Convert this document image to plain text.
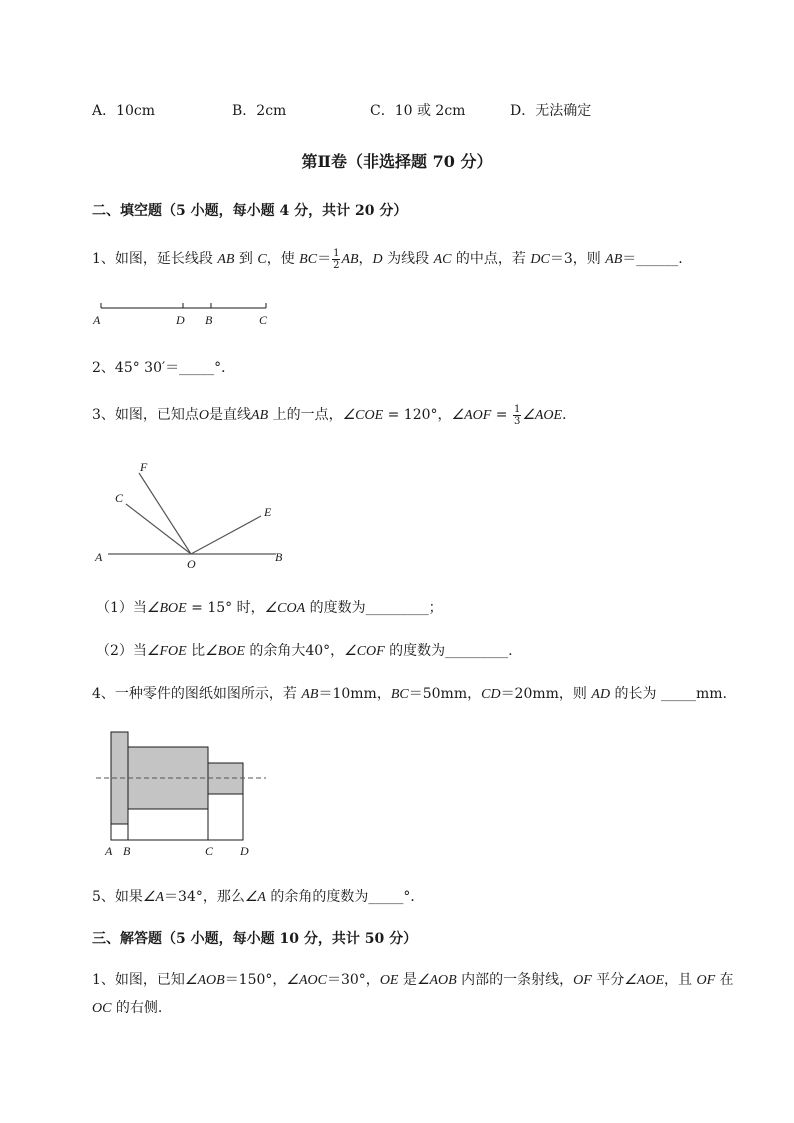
A．10cm	B．2cm	C．10 或 2cm	D．无法确定
第Ⅱ卷（非选择题 70 分）
二、填空题（5 小题，每小题 4 分，共计 20 分）
1、如图，延长线段 AB 到 C，使 $BC= \frac{1}{2}$ AB，D 为线段 AC 的中点，若 DC＝3，则 AB＝______.
A	D B	C
2、45° 30′＝_____°．
3、如图，已知点O是直线AB 上的一点，∠COE = 120°，∠AOF = $\frac{1}{3}$ ∠AOE．
A	B
O
C
F
E
（1）当∠BOE = 15° 时，∠COA 的度数为_________；
（2）当∠FOE 比∠BOE 的余角大40°，∠COF 的度数为_________.
4、一种零件的图纸如图所示，若 AB＝10mm，BC＝50mm，CD＝20mm，则 AD 的长为 _____mm.
A B	C D
5、如果∠A＝34°，那么∠A 的余角的度数为_____°．
三、解答题（5 小题，每小题 10 分，共计 50 分）
1、如图，已知∠AOB＝150°，∠AOC＝30°，OE 是∠AOB 内部的一条射线，OF 平分∠AOE，且 OF 在
OC 的右侧.
